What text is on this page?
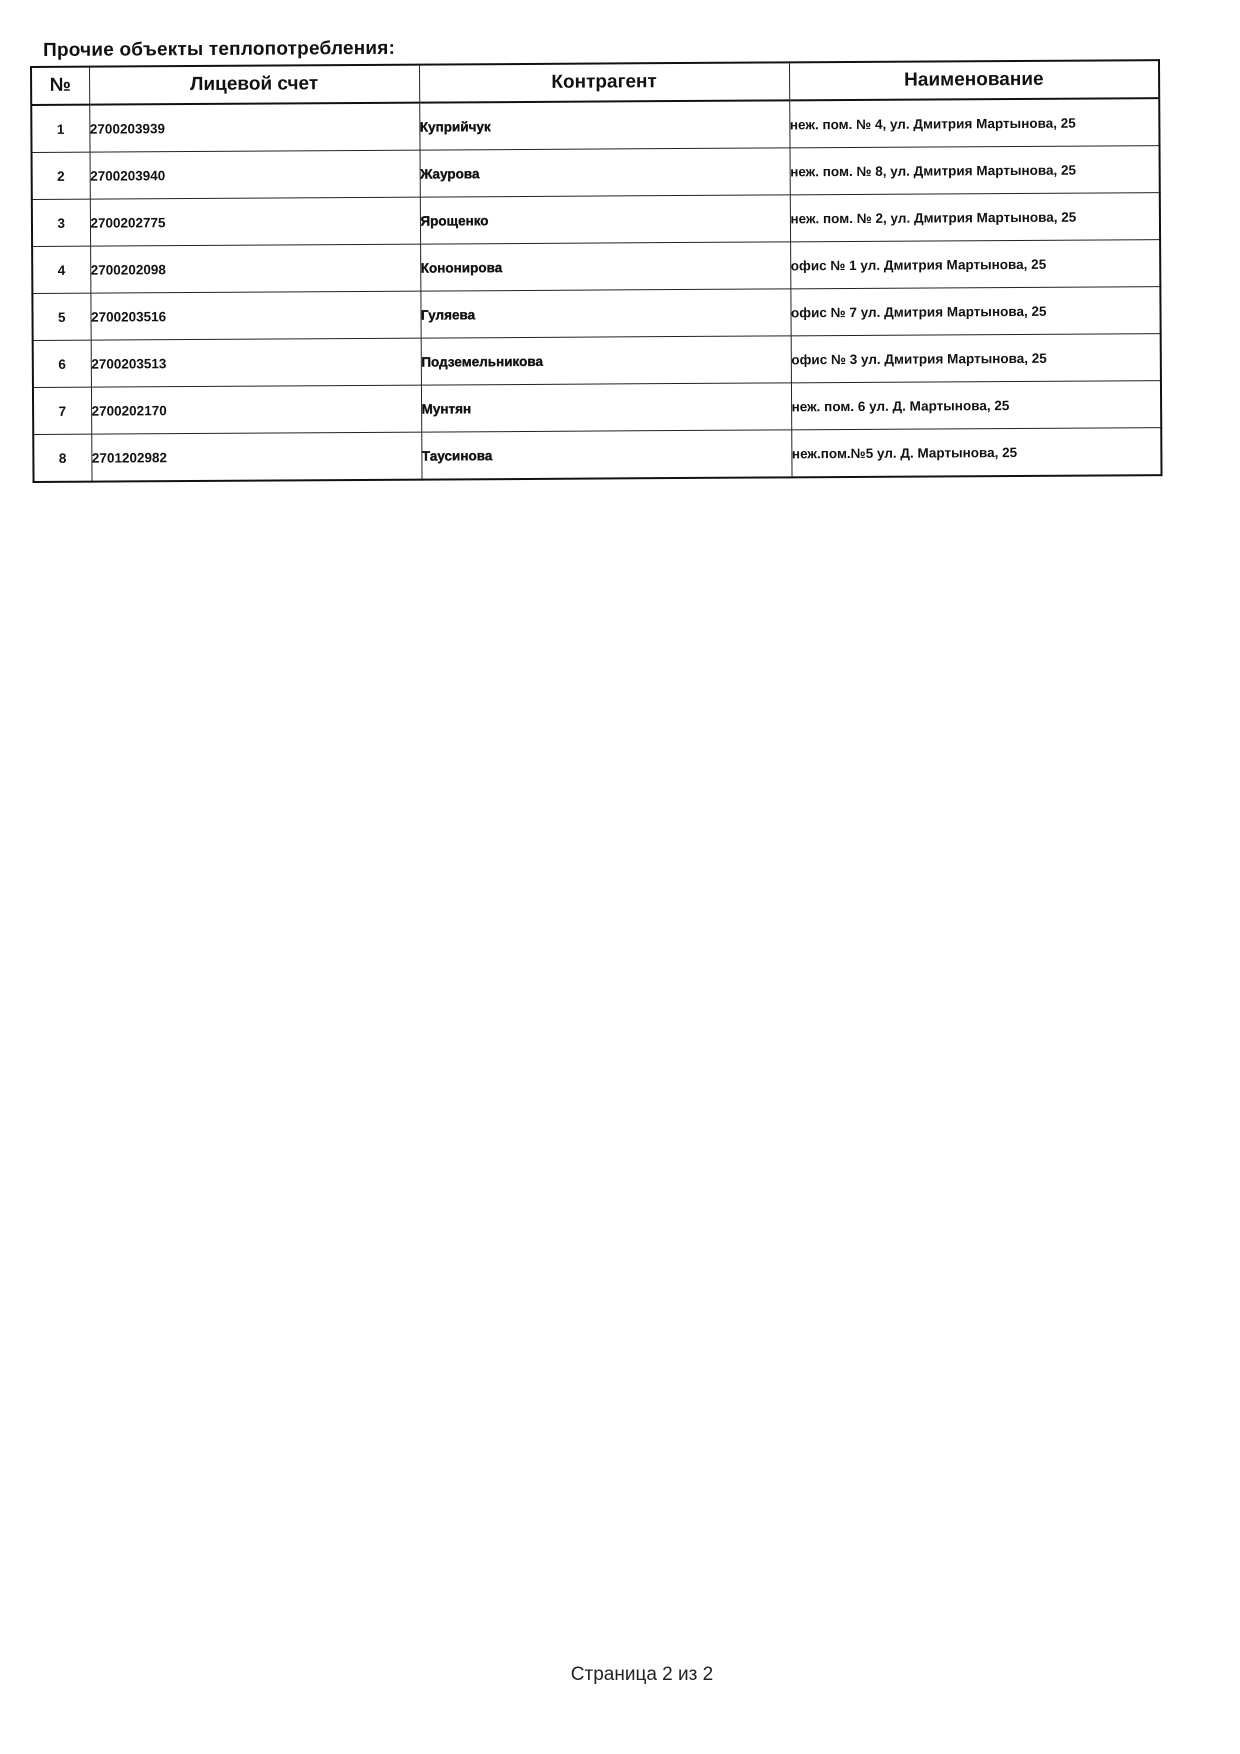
Прочие объекты теплопотребления:
№	Лицевой счет	Контрагент	Наименование
1	2700203939	Куприйчук	неж. пом. № 4, ул. Дмитрия Мартынова, 25
2	2700203940	Жаурова	неж. пом. № 8, ул. Дмитрия Мартынова, 25
3	2700202775	Ярощенко	неж. пом. № 2, ул. Дмитрия Мартынова, 25
4	2700202098	Кононирова	офис № 1 ул. Дмитрия Мартынова, 25
5	2700203516	Гуляева	офис № 7 ул. Дмитрия Мартынова, 25
6	2700203513	Подземельникова	офис № 3 ул. Дмитрия Мартынова, 25
7	2700202170	Мунтян	неж. пом. 6 ул. Д. Мартынова, 25
8	2701202982	Таусинова	неж.пом.№5 ул. Д. Мартынова, 25
Страница 2 из 2
